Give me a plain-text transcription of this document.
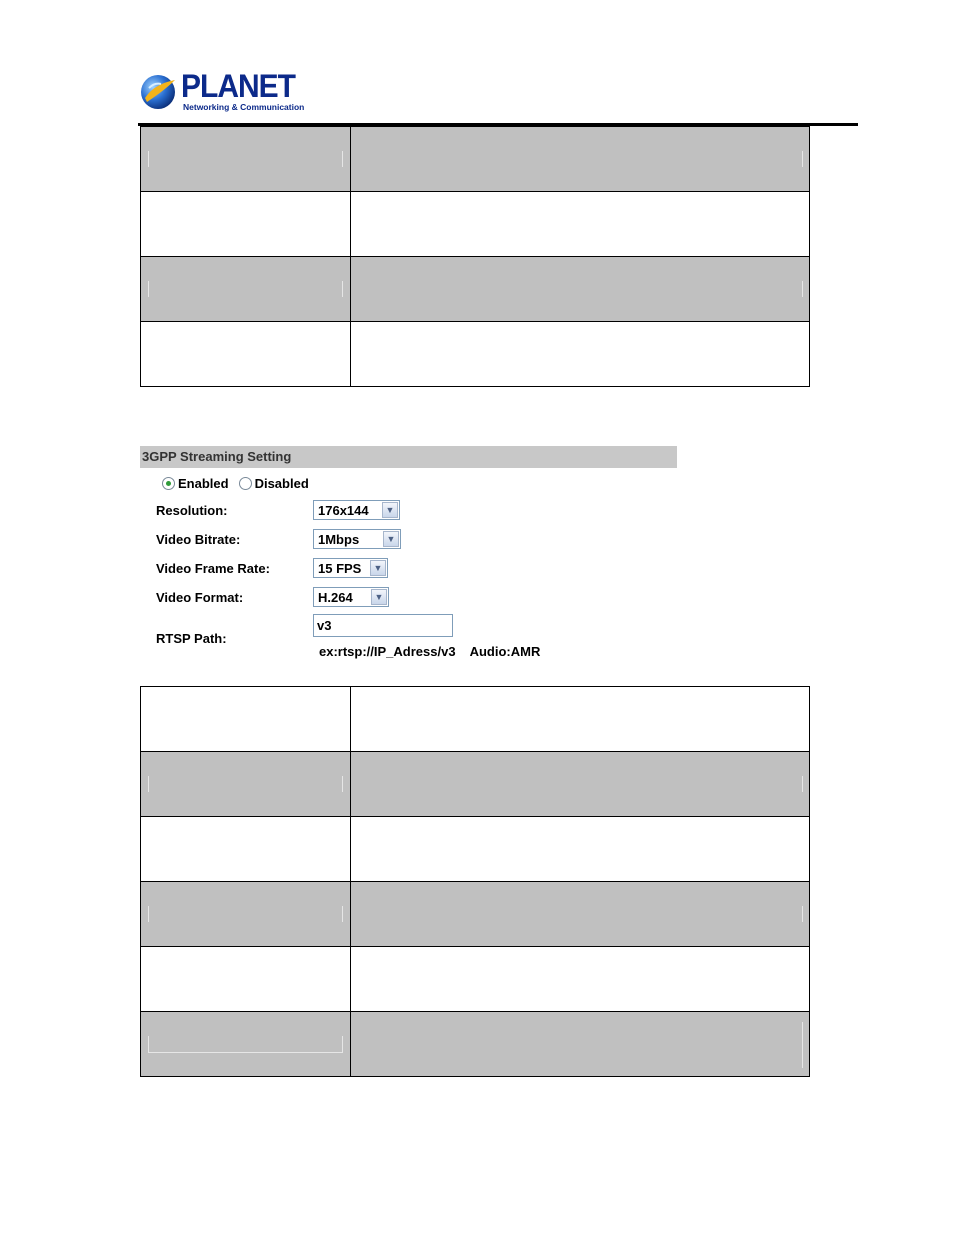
PLANET
Networking & Communication

3GPP Streaming Setting
Enabled Disabled
Resolution:	176x144	▼
Video Bitrate:	1Mbps	▼
Video Frame Rate:	15 FPS	▼
Video Format:	H.264	▼
RTSP Path:
v3
ex:rtsp://IP_Adress/v3 Audio:AMR
